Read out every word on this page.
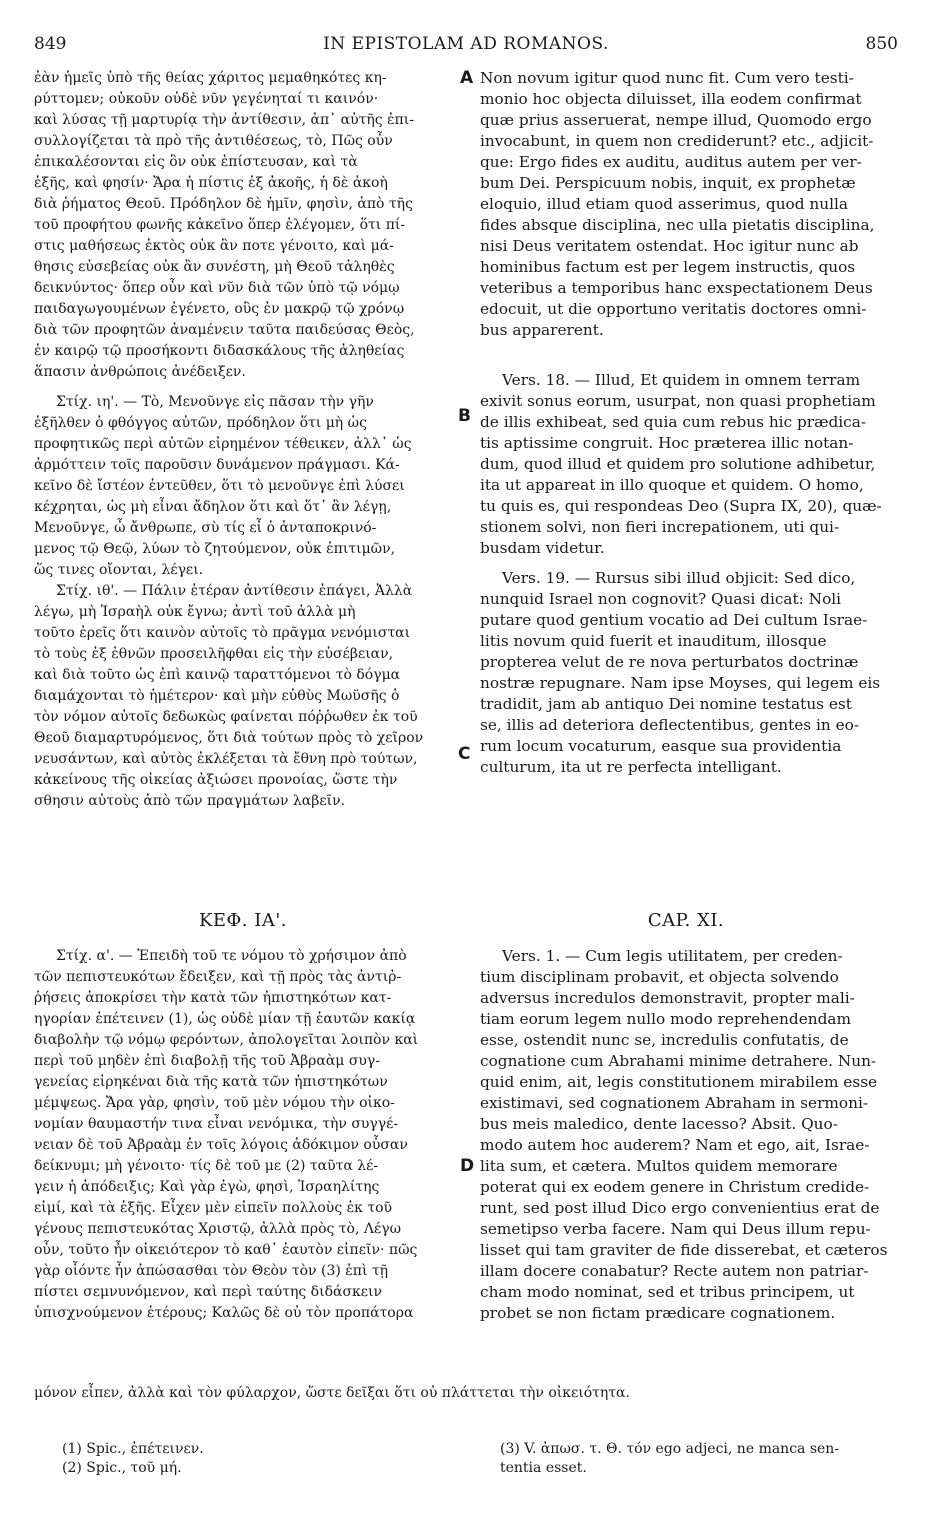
849	IN EPISTOLAM AD ROMANOS.	850

ἐὰν ἡμεῖς ὑπὸ τῆς θείας χάριτος μεμαθηκότες κη-

ρύττομεν; οὐκοῦν οὐδὲ νῦν γεγένηταί τι καινόν·

καὶ λύσας τῇ μαρτυρίᾳ τὴν ἀντίθεσιν, ἀπ᾽ αὐτῆς ἐπι-

συλλογίζεται τὰ πρὸ τῆς ἀντιθέσεως, τὸ, Πῶς οὖν

ἐπικαλέσονται εἰς ὃν οὐκ ἐπίστευσαν, καὶ τὰ

ἑξῆς, καὶ φησίν· Ἄρα ἡ πίστις ἐξ ἀκοῆς, ἡ δὲ ἀκοὴ

διὰ ῥήματος Θεοῦ. Πρόδηλον δὲ ἡμῖν, φησὶν, ἀπὸ τῆς

τοῦ προφήτου φωνῆς κἀκεῖνο ὅπερ ἐλέγομεν, ὅτι πί-

στις μαθήσεως ἐκτὸς οὐκ ἂν ποτε γένοιτο, καὶ μά-

θησις εὐσεβείας οὐκ ἂν συνέστη, μὴ Θεοῦ τἀληθὲς

δεικνύντος· ὅπερ οὖν καὶ νῦν διὰ τῶν ὑπὸ τῷ νόμῳ

παιδαγωγουμένων ἐγένετο, οὓς ἐν μακρῷ τῷ χρόνῳ

διὰ τῶν προφητῶν ἀναμένειν ταῦτα παιδεύσας Θεὸς,

ἐν καιρῷ τῷ προσήκοντι διδασκάλους τῆς ἀληθείας

ἅπασιν ἀνθρώποις ἀνέδειξεν.

Στίχ. ιη'. — Τὸ, Μενοῦνγε εἰς πᾶσαν τὴν γῆν

ἐξῆλθεν ὁ φθόγγος αὐτῶν, πρόδηλον ὅτι μὴ ὡς

προφητικῶς περὶ αὐτῶν εἰρημένον τέθεικεν, ἀλλ᾽ ὡς

ἁρμόττειν τοῖς παροῦσιν δυνάμενον πράγμασι. Κά-

κεῖνο δὲ ἴστέον ἐντεῦθεν, ὅτι τὸ μενοῦνγε ἐπὶ λύσει

κέχρηται, ὡς μὴ εἶναι ἄδηλον ὅτι καὶ ὅτ᾽ ἂν λέγῃ,

Μενοῦνγε, ὦ ἄνθρωπε, σὺ τίς εἶ ὁ ἀνταποκρινό-

μενος τῷ Θεῷ, λύων τὸ ζητούμενον, οὐκ ἐπιτιμῶν,

ὥς τινες οἴονται, λέγει.

Στίχ. ιθ'. — Πάλιν ἑτέραν ἀντίθεσιν ἐπάγει, Ἀλλὰ

λέγω, μὴ Ἰσραὴλ οὐκ ἔγνω; ἀντὶ τοῦ ἀλλὰ μὴ

τοῦτο ἐρεῖς ὅτι καινὸν αὐτοῖς τὸ πρᾶγμα νενόμισται

τὸ τοὺς ἐξ ἐθνῶν προσειλῆφθαι εἰς τὴν εὐσέβειαν,

καὶ διὰ τοῦτο ὡς ἐπὶ καινῷ ταραττόμενοι τὸ δόγμα

διαμάχονται τὸ ἡμέτερον· καὶ μὴν εὐθὺς Μωϋσῆς ὁ

τὸν νόμον αὐτοῖς δεδωκὼς φαίνεται πόῤῥωθεν ἐκ τοῦ

Θεοῦ διαμαρτυρόμενος, ὅτι διὰ τούτων πρὸς τὸ χεῖρον

νευσάντων, καὶ αὐτὸς ἐκλέξεται τὰ ἔθνη πρὸ τούτων,

κἀκείνους τῆς οἰκείας ἀξιώσει προνοίας, ὥστε τὴν

σθησιν αὐτοὺς ἀπὸ τῶν πραγμάτων λαβεῖν.

Non novum igitur quod nunc fit. Cum vero testi-

monio hoc objecta diluisset, illa eodem confirmat

quæ prius asseruerat, nempe illud, Quomodo ergo

invocabunt, in quem non crediderunt? etc., adjicit-

que: Ergo fides ex auditu, auditus autem per ver-

bum Dei. Perspicuum nobis, inquit, ex prophetæ

eloquio, illud etiam quod asserimus, quod nulla

fides absque disciplina, nec ulla pietatis disciplina,

nisi Deus veritatem ostendat. Hoc igitur nunc ab

hominibus factum est per legem instructis, quos

veteribus a temporibus hanc exspectationem Deus

edocuit, ut die opportuno veritatis doctores omni-

bus apparerent.

Vers. 18. — Illud, Et quidem in omnem terram

exivit sonus eorum, usurpat, non quasi prophetiam

de illis exhibeat, sed quia cum rebus hic prædica-

tis aptissime congruit. Hoc præterea illic notan-

dum, quod illud et quidem pro solutione adhibetur,

ita ut appareat in illo quoque et quidem. O homo,

tu quis es, qui respondeas Deo (Supra IX, 20), quæ-

stionem solvi, non fieri increpationem, uti qui-

busdam videtur.

Vers. 19. — Rursus sibi illud objicit: Sed dico,

nunquid Israel non cognovit? Quasi dicat: Noli

putare quod gentium vocatio ad Dei cultum Israe-

litis novum quid fuerit et inauditum, illosque

propterea velut de re nova perturbatos doctrinæ

nostræ repugnare. Nam ipse Moyses, qui legem eis

tradidit, jam ab antiquo Dei nomine testatus est

se, illis ad deteriora deflectentibus, gentes in eo-

rum locum vocaturum, easque sua providentia

culturum, ita ut re perfecta intelligant.

A
B
C
D
ΚΕΦ. ΙΑ'.	CAP. XI.

Στίχ. α'. — Ἐπειδὴ τοῦ τε νόμου τὸ χρήσιμον ἀπὸ

τῶν πεπιστευκότων ἔδειξεν, καὶ τῇ πρὸς τὰς ἀντιῤ-

ῥήσεις ἀποκρίσει τὴν κατὰ τῶν ἠπιστηκότων κατ-

ηγορίαν ἐπέτεινεν (1), ὡς οὐδὲ μίαν τῇ ἑαυτῶν κακίᾳ

διαβολὴν τῷ νόμῳ φερόντων, ἀπολογεῖται λοιπὸν καὶ

περὶ τοῦ μηδὲν ἐπὶ διαβολῇ τῆς τοῦ Ἀβραὰμ συγ-

γενείας εἰρηκέναι διὰ τῆς κατὰ τῶν ἠπιστηκότων

μέμψεως. Ἄρα γὰρ, φησὶν, τοῦ μὲν νόμου τὴν οἰκο-

νομίαν θαυμαστήν τινα εἶναι νενόμικα, τὴν συγγέ-

νειαν δὲ τοῦ Ἀβραὰμ ἐν τοῖς λόγοις ἀδόκιμον οὖσαν

δείκνυμι; μὴ γένοιτο· τίς δὲ τοῦ με (2) ταῦτα λέ-

γειν ἡ ἀπόδειξις; Καὶ γὰρ ἐγὼ, φησὶ, Ἰσραηλίτης

εἰμί, καὶ τὰ ἑξῆς. Εἶχεν μὲν εἰπεῖν πολλοὺς ἐκ τοῦ

γένους πεπιστευκότας Χριστῷ, ἀλλὰ πρὸς τὸ, Λέγω

οὖν, τοῦτο ἦν οἰκειότερον τὸ καθ᾽ ἑαυτὸν εἰπεῖν· πῶς

γὰρ οἷόντε ἦν ἀπώσασθαι τὸν Θεὸν τὸν (3) ἐπὶ τῇ

πίστει σεμνυνόμενον, καὶ περὶ ταύτης διδάσκειν

ὑπισχνούμενον ἑτέρους; Καλῶς δὲ οὐ τὸν προπάτορα

Vers. 1. — Cum legis utilitatem, per creden-

tium disciplinam probavit, et objecta solvendo

adversus incredulos demonstravit, propter mali-

tiam eorum legem nullo modo reprehendendam

esse, ostendit nunc se, incredulis confutatis, de

cognatione cum Abrahami minime detrahere. Nun-

quid enim, ait, legis constitutionem mirabilem esse

existimavi, sed cognationem Abraham in sermoni-

bus meis maledico, dente lacesso? Absit. Quo-

modo autem hoc auderem? Nam et ego, ait, Israe-

lita sum, et cætera. Multos quidem memorare

poterat qui ex eodem genere in Christum credide-

runt, sed post illud Dico ergo convenientius erat de

semetipso verba facere. Nam qui Deus illum repu-

lisset qui tam graviter de fide disserebat, et cæteros

illam docere conabatur? Recte autem non patriar-

cham modo nominat, sed et tribus principem, ut

probet se non fictam prædicare cognationem.

μόνον εἶπεν, ἀλλὰ καὶ τὸν φύλαρχον, ὥστε δεῖξαι ὅτι οὐ πλάττεται τὴν οἰκειότητα.

(1) Spic., ἐπέτεινεν.

(2) Spic., τοῦ μή.

(3) V. ἀπωσ. τ. Θ. τόν ego adjeci, ne manca sen-

tentia esset.
